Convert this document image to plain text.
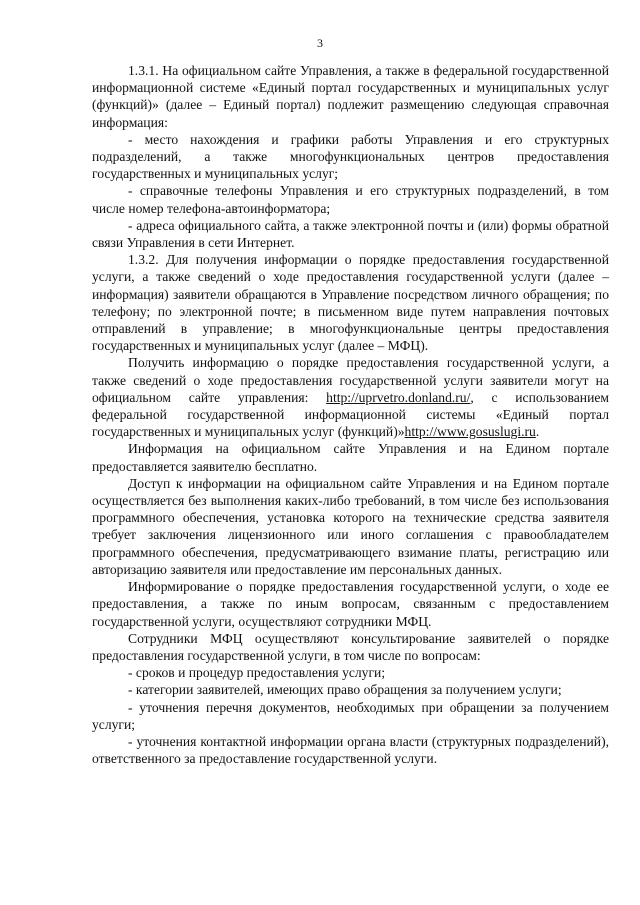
3

1.3.1. На официальном сайте Управления, а также в федеральной государственной информационной системе «Единый портал государственных и муниципальных услуг (функций)» (далее – Единый портал) подлежит размещению следующая справочная информация:

- место нахождения и графики работы Управления и его структурных подразделений, а также многофункциональных центров предоставления государственных и муниципальных услуг;

- справочные телефоны Управления и его структурных подразделений, в том числе номер телефона-автоинформатора;

- адреса официального сайта, а также электронной почты и (или) формы обратной связи Управления в сети Интернет.

1.3.2. Для получения информации о порядке предоставления государственной услуги, а также сведений о ходе предоставления государственной услуги (далее – информация) заявители обращаются в Управление посредством личного обращения; по телефону; по электронной почте; в письменном виде путем направления почтовых отправлений в управление; в многофункциональные центры предоставления государственных и муниципальных услуг (далее – МФЦ).

Получить информацию о порядке предоставления государственной услуги, а также сведений о ходе предоставления государственной услуги заявители могут на официальном сайте управления: http://uprvetro.donland.ru/, с использованием федеральной государственной информационной системы «Единый портал государственных и муниципальных услуг (функций)»http://www.gosuslugi.ru.

Информация на официальном сайте Управления и на Едином портале предоставляется заявителю бесплатно.

Доступ к информации на официальном сайте Управления и на Едином портале осуществляется без выполнения каких-либо требований, в том числе без использования программного обеспечения, установка которого на технические средства заявителя требует заключения лицензионного или иного соглашения с правообладателем программного обеспечения, предусматривающего взимание платы, регистрацию или авторизацию заявителя или предоставление им персональных данных.

Информирование о порядке предоставления государственной услуги, о ходе ее предоставления, а также по иным вопросам, связанным с предоставлением государственной услуги, осуществляют сотрудники МФЦ.

Сотрудники МФЦ осуществляют консультирование заявителей о порядке предоставления государственной услуги, в том числе по вопросам:

- сроков и процедур предоставления услуги;

- категории заявителей, имеющих право обращения за получением услуги;

- уточнения перечня документов, необходимых при обращении за получением услуги;

- уточнения контактной информации органа власти (структурных подразделений), ответственного за предоставление государственной услуги.
